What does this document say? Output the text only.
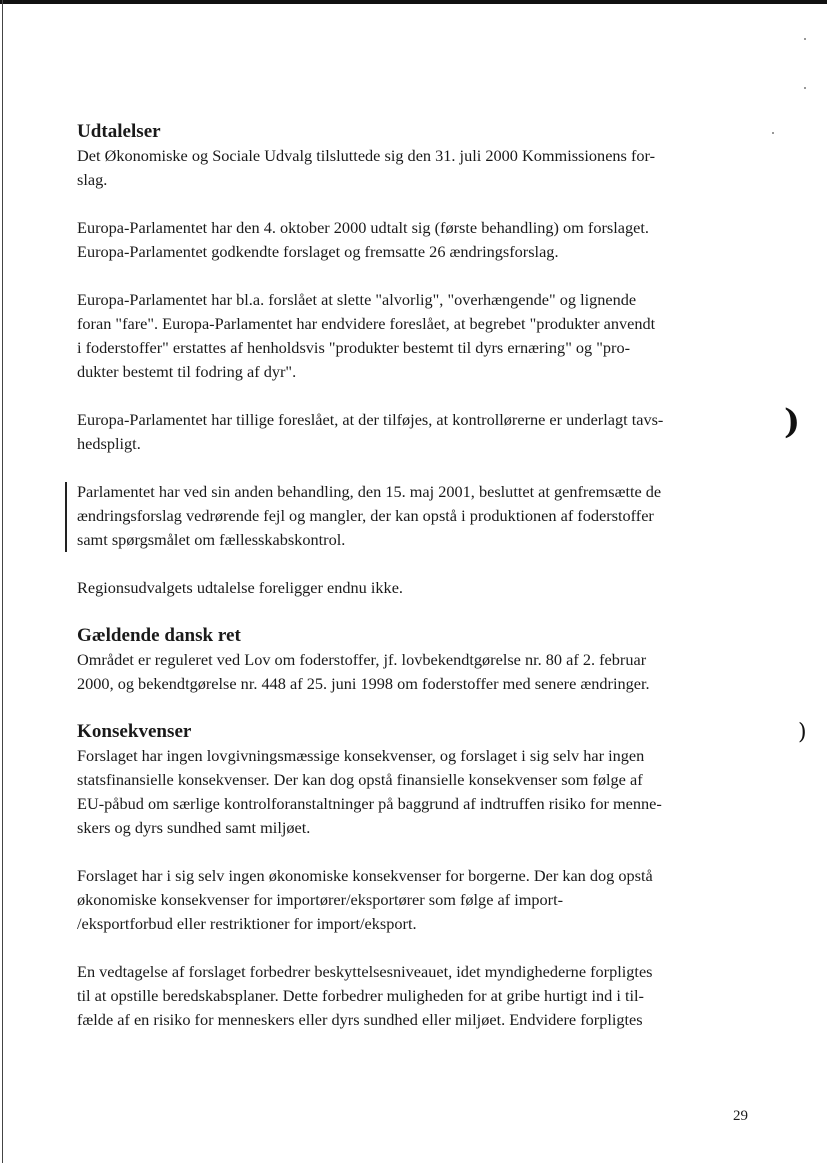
Udtalelser
Det Økonomiske og Sociale Udvalg tilsluttede sig den 31. juli 2000 Kommissionens for-
slag.
Europa-Parlamentet har den 4. oktober 2000 udtalt sig (første behandling) om forslaget.
Europa-Parlamentet godkendte forslaget og fremsatte 26 ændringsforslag.
Europa-Parlamentet har bl.a. forslået at slette "alvorlig", "overhængende" og lignende
foran "fare". Europa-Parlamentet har endvidere foreslået, at begrebet "produkter anvendt
i foderstoffer" erstattes af henholdsvis "produkter bestemt til dyrs ernæring" og "pro-
dukter bestemt til fodring af dyr".
Europa-Parlamentet har tillige foreslået, at der tilføjes, at kontrollørerne er underlagt tavs-
hedspligt.
Parlamentet har ved sin anden behandling, den 15. maj 2001, besluttet at genfremsætte de
ændringsforslag vedrørende fejl og mangler, der kan opstå i produktionen af foderstoffer
samt spørgsmålet om fællesskabskontrol.
Regionsudvalgets udtalelse foreligger endnu ikke.
Gældende dansk ret
Området er reguleret ved Lov om foderstoffer, jf. lovbekendtgørelse nr. 80 af 2. februar
2000, og bekendtgørelse nr. 448 af 25. juni 1998 om foderstoffer med senere ændringer.
Konsekvenser
Forslaget har ingen lovgivningsmæssige konsekvenser, og forslaget i sig selv har ingen
statsfinansielle konsekvenser. Der kan dog opstå finansielle konsekvenser som følge af
EU-påbud om særlige kontrolforanstaltninger på baggrund af indtruffen risiko for menne-
skers og dyrs sundhed samt miljøet.
Forslaget har i sig selv ingen økonomiske konsekvenser for borgerne. Der kan dog opstå
økonomiske konsekvenser for importører/eksportører som følge af import-
/eksportforbud eller restriktioner for import/eksport.
En vedtagelse af forslaget forbedrer beskyttelsesniveauet, idet myndighederne forpligtes
til at opstille beredskabsplaner. Dette forbedrer muligheden for at gribe hurtigt ind i til-
fælde af en risiko for menneskers eller dyrs sundhed eller miljøet. Endvidere forpligtes
)
)
29
